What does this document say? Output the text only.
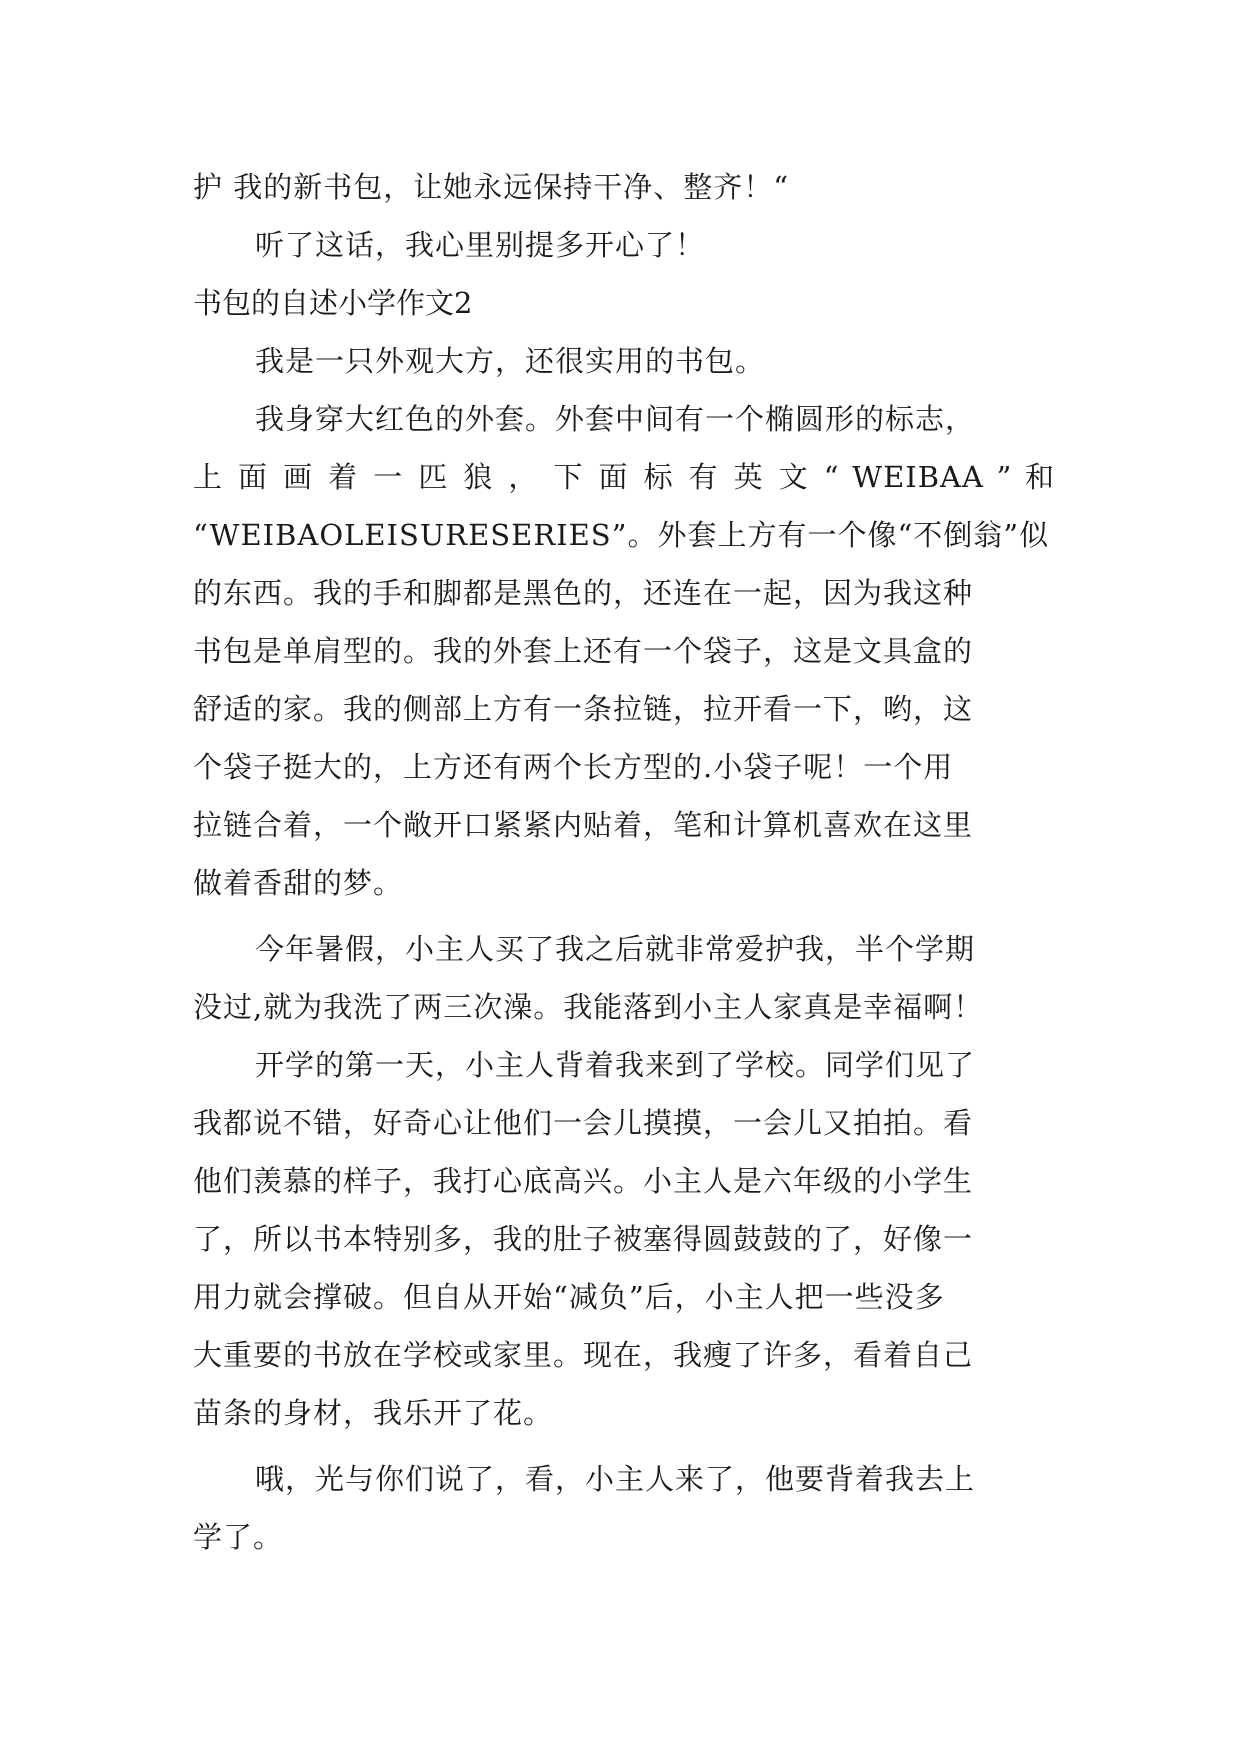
护 我的新书包，让她永远保持干净、整齐！“
听了这话，我心里别提多开心了！
书包的自述小学作文2
我是一只外观大方，还很实用的书包。
我身穿大红色的外套。外套中间有一个椭圆形的标志，
上 面 画 着 一 匹 狼 ， 下 面 标 有 英 文 “ WEIBAA ” 和
“WEIBAOLEISURESERIES”。外套上方有一个像“不倒翁”似
的东西。我的手和脚都是黑色的，还连在一起，因为我这种
书包是单肩型的。我的外套上还有一个袋子，这是文具盒的
舒适的家。我的侧部上方有一条拉链，拉开看一下，哟，这
个袋子挺大的，上方还有两个长方型的.小袋子呢！一个用
拉链合着，一个敞开口紧紧内贴着，笔和计算机喜欢在这里
做着香甜的梦。
今年暑假，小主人买了我之后就非常爱护我，半个学期
没过,就为我洗了两三次澡。我能落到小主人家真是幸福啊！
开学的第一天，小主人背着我来到了学校。同学们见了
我都说不错，好奇心让他们一会儿摸摸，一会儿又拍拍。看
他们羡慕的样子，我打心底高兴。小主人是六年级的小学生
了，所以书本特别多，我的肚子被塞得圆鼓鼓的了，好像一
用力就会撑破。但自从开始“减负”后，小主人把一些没多
大重要的书放在学校或家里。现在，我瘦了许多，看着自己
苗条的身材，我乐开了花。
哦，光与你们说了，看，小主人来了，他要背着我去上
学了。
